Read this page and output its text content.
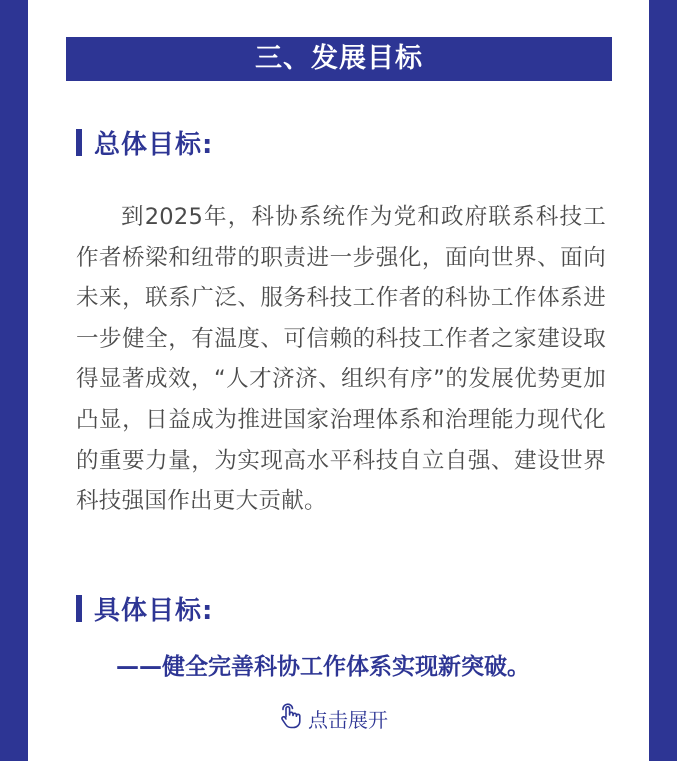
三、发展目标
总体目标:

到2025年，科协系统作为党和政府联系科技工作者桥梁和纽带的职责进一步强化，面向世界、面向未来，联系广泛、服务科技工作者的科协工作体系进一步健全，有温度、可信赖的科技工作者之家建设取得显著成效，“人才济济、组织有序”的发展优势更加凸显，日益成为推进国家治理体系和治理能力现代化的重要力量，为实现高水平科技自立自强、建设世界科技强国作出更大贡献。

具体目标:
——健全完善科协工作体系实现新突破。
点击展开
